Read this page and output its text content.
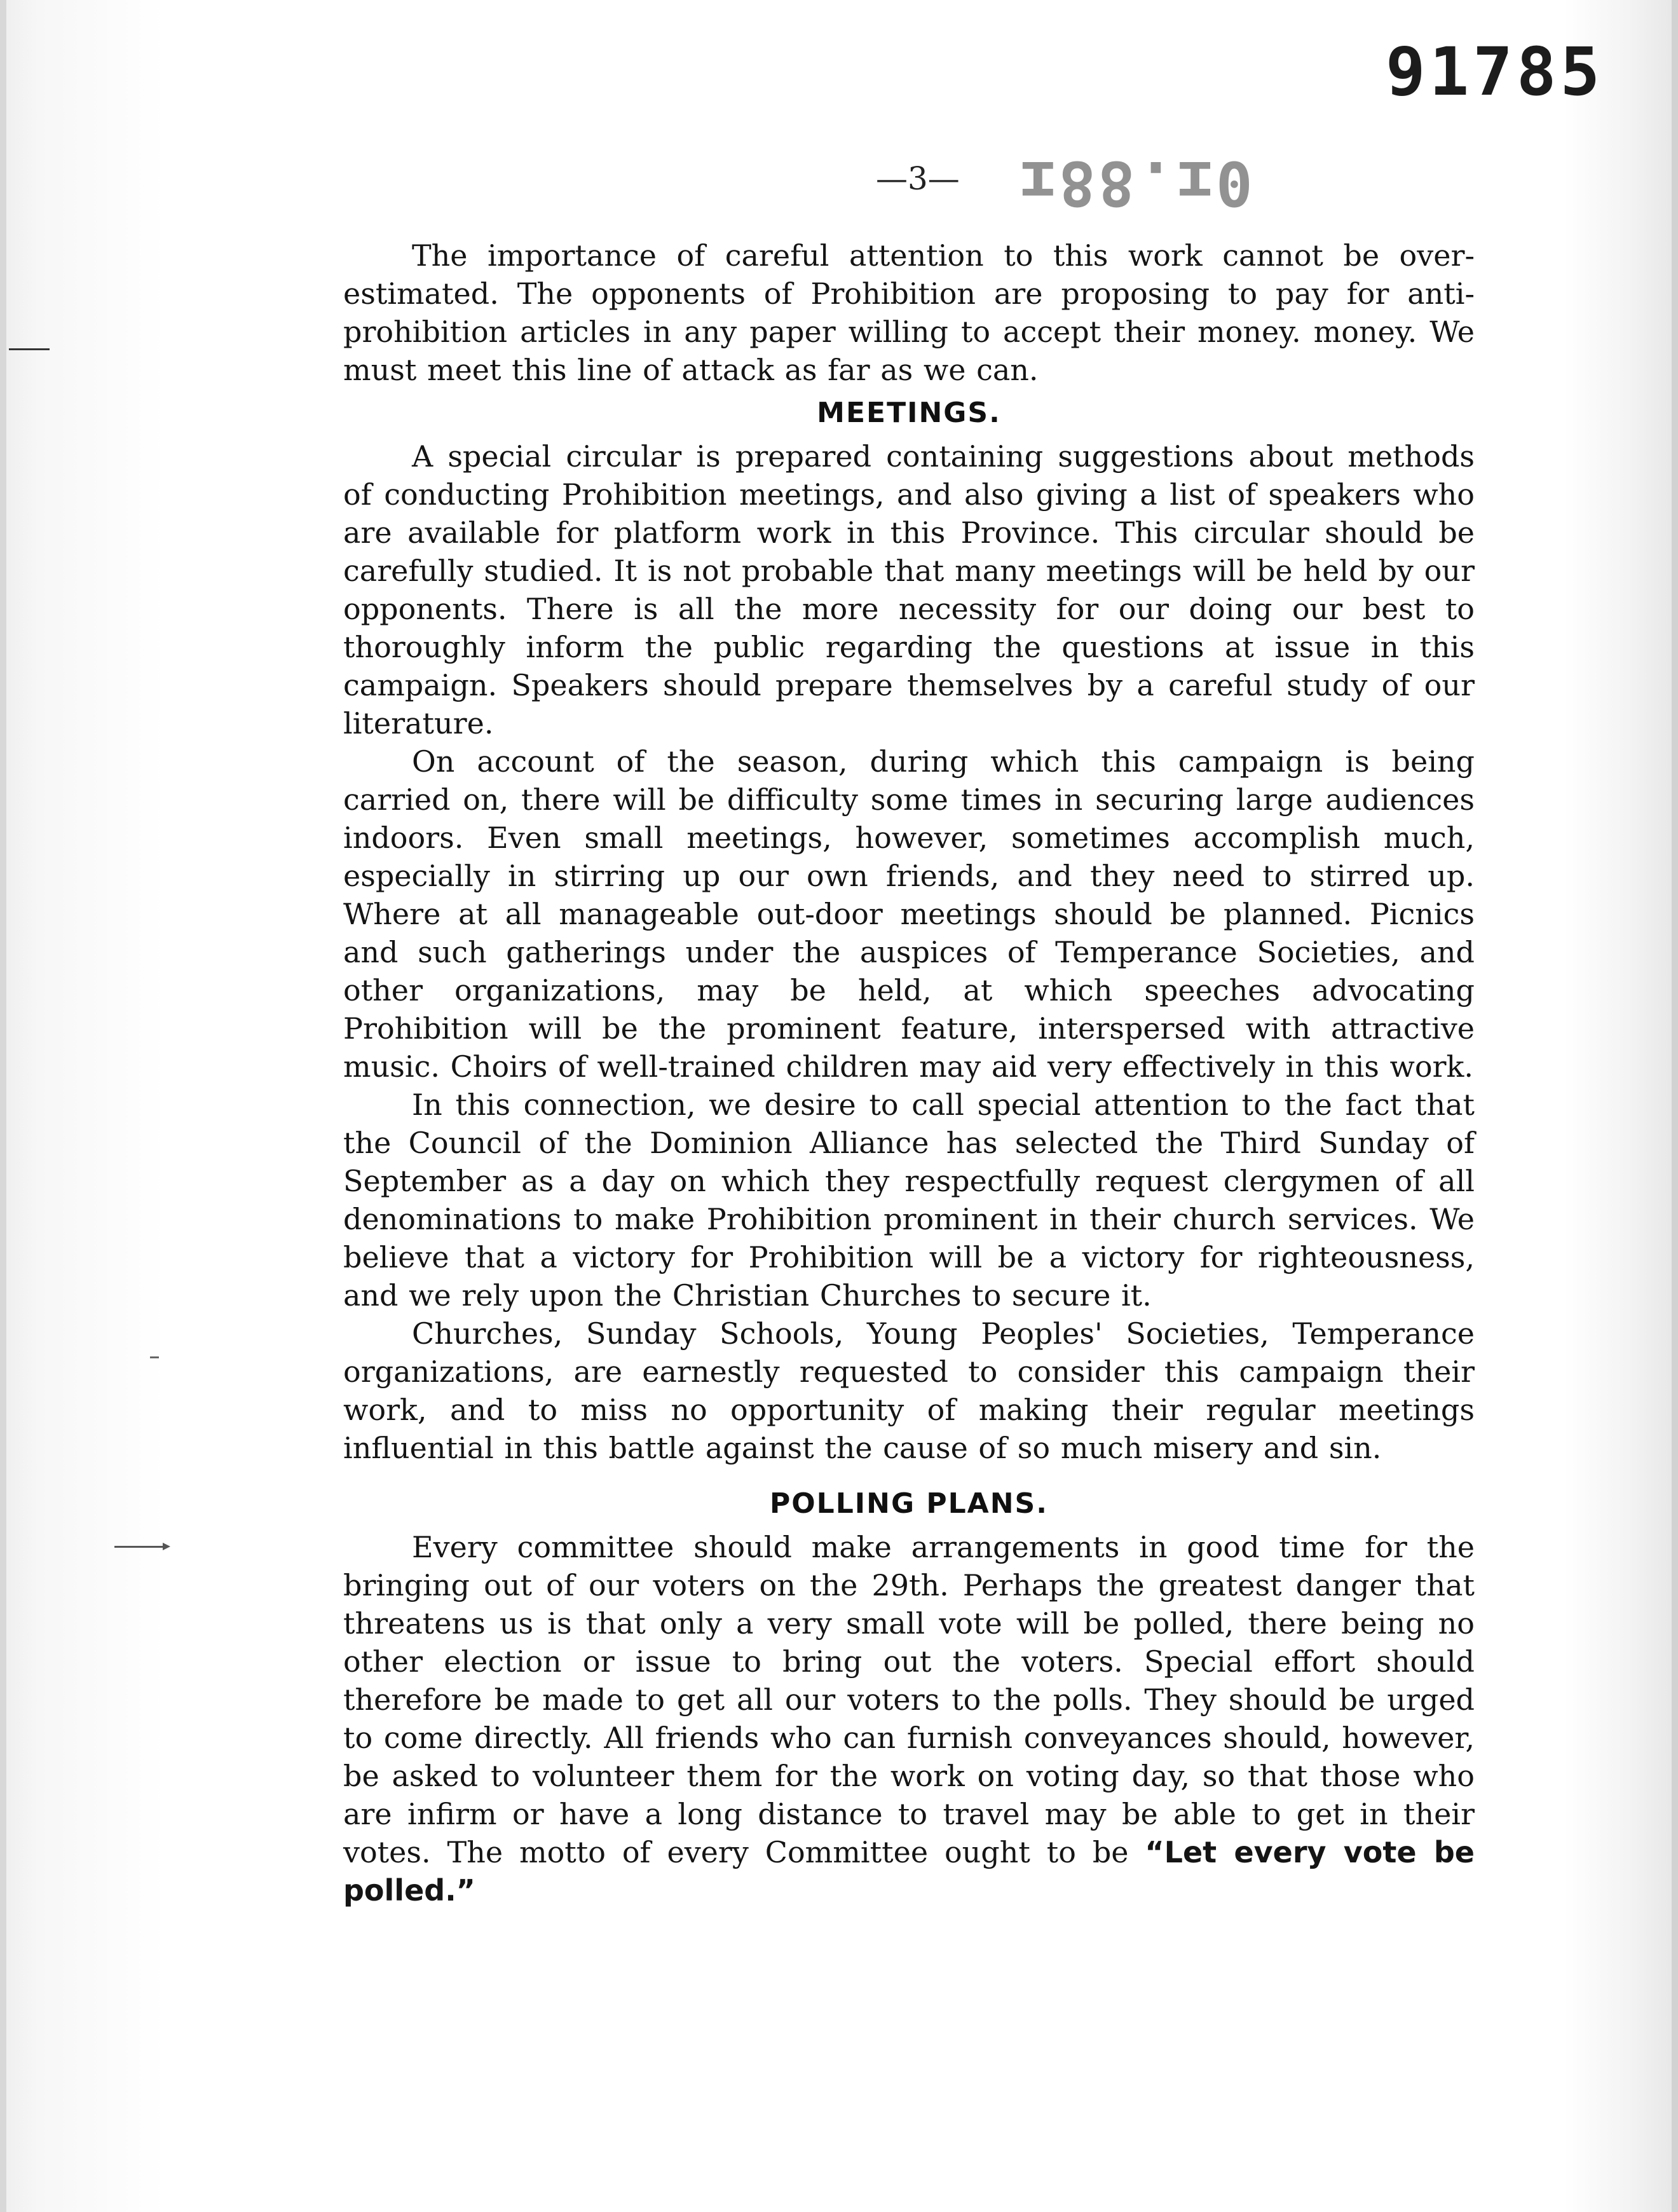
91785
—3— 0ɪ.88ɪ

The importance of careful attention to this work cannot be over-estimated. The opponents of Prohibition are proposing to pay for anti-prohibition articles in any paper willing to accept their money. money. We must meet this line of attack as far as we can.

MEETINGS.

A special circular is prepared containing suggestions about methods of conducting Prohibition meetings, and also giving a list of speakers who are available for platform work in this Province. This circular should be carefully studied. It is not probable that many meetings will be held by our opponents. There is all the more necessity for our doing our best to thoroughly inform the public regarding the questions at issue in this campaign. Speakers should prepare themselves by a careful study of our literature.

On account of the season, during which this campaign is being carried on, there will be difficulty some times in securing large audiences indoors. Even small meetings, however, sometimes accomplish much, especially in stirring up our own friends, and they need to stirred up. Where at all manageable out-door meetings should be planned. Picnics and such gatherings under the auspices of Temperance Societies, and other organizations, may be held, at which speeches advocating Prohibition will be the prominent feature, interspersed with attractive music. Choirs of well-trained children may aid very effectively in this work.

In this connection, we desire to call special attention to the fact that the Council of the Dominion Alliance has selected the Third Sunday of September as a day on which they respectfully request clergymen of all denominations to make Prohibition prominent in their church services. We believe that a victory for Prohibition will be a victory for righteousness, and we rely upon the Christian Churches to secure it.

Churches, Sunday Schools, Young Peoples' Societies, Temperance organizations, are earnestly requested to consider this campaign their work, and to miss no opportunity of making their regular meetings influential in this battle against the cause of so much misery and sin.

POLLING PLANS.

Every committee should make arrangements in good time for the bringing out of our voters on the 29th. Perhaps the greatest danger that threatens us is that only a very small vote will be polled, there being no other election or issue to bring out the voters. Special effort should therefore be made to get all our voters to the polls. They should be urged to come directly. All friends who can furnish conveyances should, however, be asked to volunteer them for the work on voting day, so that those who are infirm or have a long distance to travel may be able to get in their votes. The motto of every Committee ought to be “Let every vote be polled.”
